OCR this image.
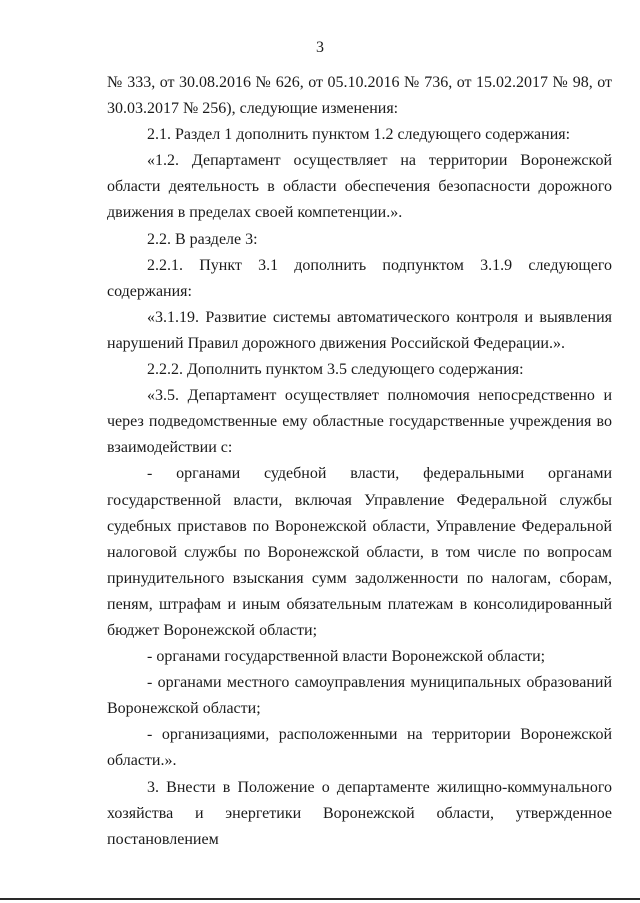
3

№ 333, от 30.08.2016 № 626, от 05.10.2016 № 736, от 15.02.2017 № 98, от 30.03.2017 № 256), следующие изменения:

2.1. Раздел 1 дополнить пунктом 1.2 следующего содержания:

«1.2. Департамент осуществляет на территории Воронежской области деятельность в области обеспечения безопасности дорожного движения в пределах своей компетенции.».

2.2. В разделе 3:

2.2.1. Пункт 3.1 дополнить подпунктом 3.1.9 следующего содержания:

«3.1.19. Развитие системы автоматического контроля и выявления нарушений Правил дорожного движения Российской Федерации.».

2.2.2. Дополнить пунктом 3.5 следующего содержания:

«3.5. Департамент осуществляет полномочия непосредственно и через подведомственные ему областные государственные учреждения во взаимодействии с:

- органами судебной власти, федеральными органами государственной власти, включая Управление Федеральной службы судебных приставов по Воронежской области, Управление Федеральной налоговой службы по Воронежской области, в том числе по вопросам принудительного взыскания сумм задолженности по налогам, сборам, пеням, штрафам и иным обязательным платежам в консолидированный бюджет Воронежской области;

- органами государственной власти Воронежской области;

- органами местного самоуправления муниципальных образований Воронежской области;

- организациями, расположенными на территории Воронежской области.».

3. Внести в Положение о департаменте жилищно-коммунального хозяйства и энергетики Воронежской области, утвержденное постановлением
